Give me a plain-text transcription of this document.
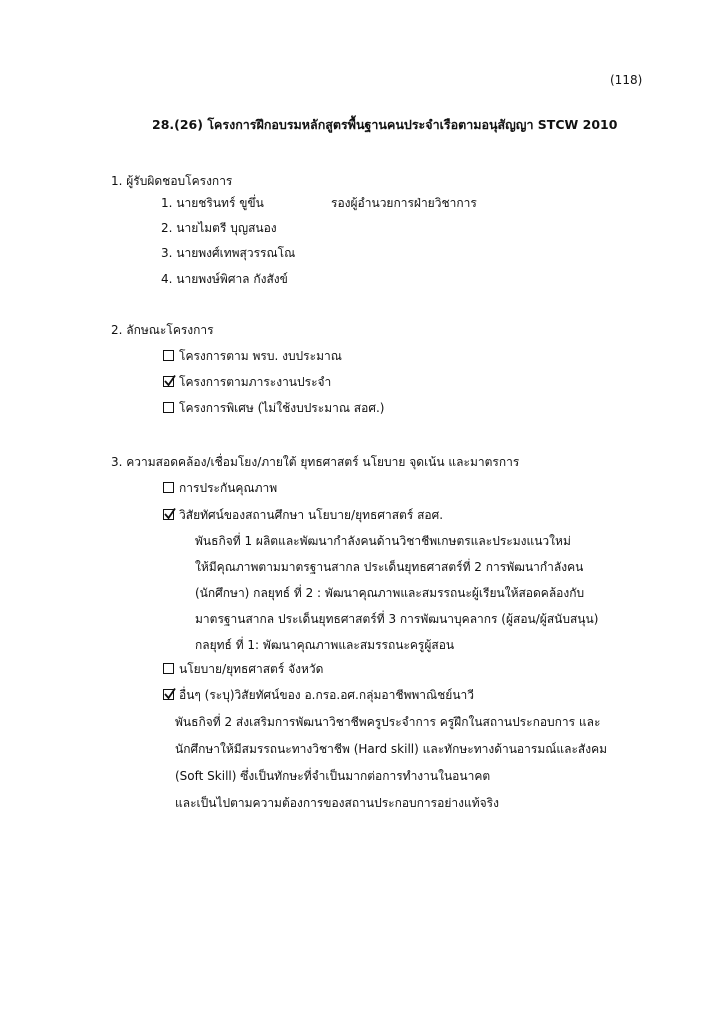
(118)
28.(26) โครงการฝึกอบรมหลักสูตรพื้นฐานคนประจำเรือตามอนุสัญญา STCW 2010
1. ผู้รับผิดชอบโครงการ
1. นายชรินทร์ ขูขึ่น	รองผู้อำนวยการฝ่ายวิชาการ
2. นายไมตรี บุญสนอง
3. นายพงศ์เทพสุวรรณโณ
4. นายพงษ์พิศาล กังสังข์
2. ลักษณะโครงการ
โครงการตาม พรบ. งบประมาณ
โครงการตามภาระงานประจำ
โครงการพิเศษ (ไม่ใช้งบประมาณ สอศ.)
3. ความสอดคล้อง/เชื่อมโยง/ภายใต้ ยุทธศาสตร์ นโยบาย จุดเน้น และมาตรการ
การประกันคุณภาพ
วิสัยทัศน์ของสถานศึกษา นโยบาย/ยุทธศาสตร์ สอศ.
พันธกิจที่ 1 ผลิตและพัฒนากำลังคนด้านวิชาชีพเกษตรและประมงแนวใหม่
ให้มีคุณภาพตามมาตรฐานสากล ประเด็นยุทธศาสตร์ที่ 2 การพัฒนากำลังคน
(นักศึกษา) กลยุทธ์ ที่ 2 : พัฒนาคุณภาพและสมรรถนะผู้เรียนให้สอดคล้องกับ
มาตรฐานสากล ประเด็นยุทธศาสตร์ที่ 3 การพัฒนาบุคลากร (ผู้สอน/ผู้สนับสนุน)
กลยุทธ์ ที่ 1: พัฒนาคุณภาพและสมรรถนะครูผู้สอน
นโยบาย/ยุทธศาสตร์ จังหวัด
อื่นๆ (ระบุ)วิสัยทัศน์ของ อ.กรอ.อศ.กลุ่มอาชีพพาณิชย์นาวี
พันธกิจที่ 2 ส่งเสริมการพัฒนาวิชาชีพครูประจำการ ครูฝึกในสถานประกอบการ และ
นักศึกษาให้มีสมรรถนะทางวิชาชีพ (Hard skill) และทักษะทางด้านอารมณ์และสังคม
(Soft Skill) ซึ่งเป็นทักษะที่จำเป็นมากต่อการทำงานในอนาคต
และเป็นไปตามความต้องการของสถานประกอบการอย่างแท้จริง
